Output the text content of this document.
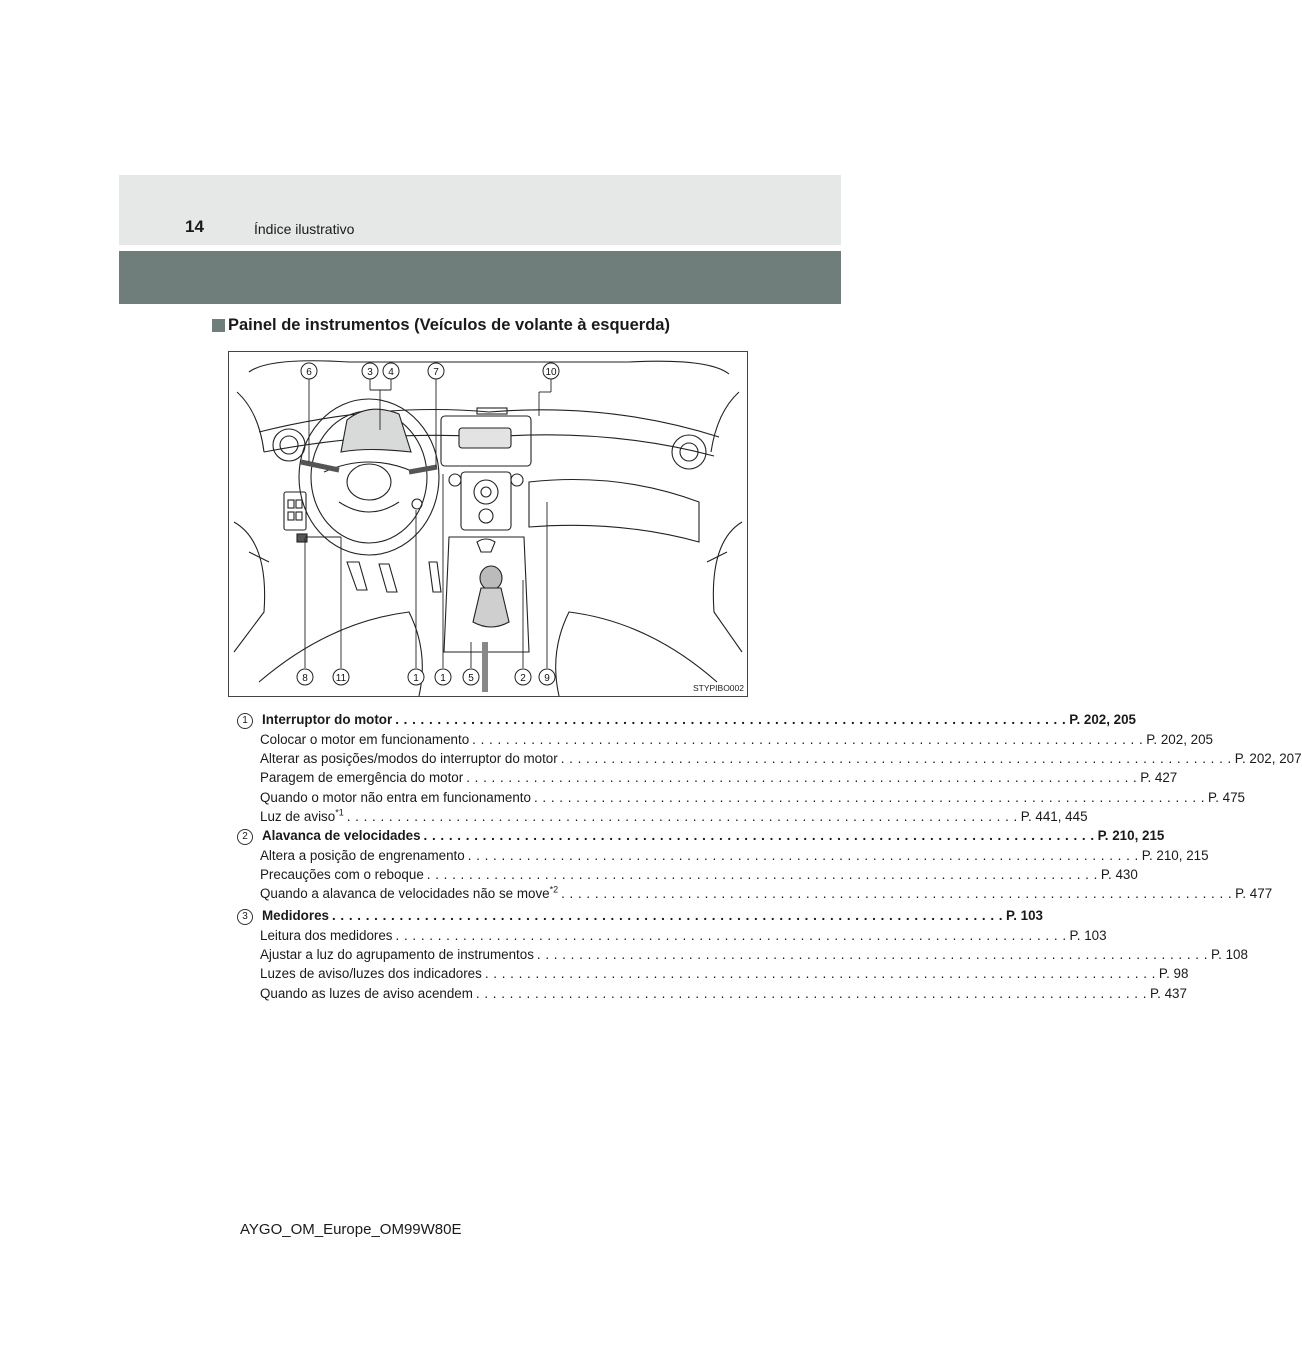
14	Índice ilustrativo
Painel de instrumentos (Veículos de volante à esquerda)
6	3 4	7	10
8	11	1 1 5	2 9
STYPIBO002
1	Interruptor do motor . . . . . . . . . . . . . . . . . . . . . . . . . . . . . . . . . . . . . . . . . . . . . . . . . . . . . . . . . . . . . . . . . . . . . . . . . . . . . . . . P. 202, 205
Colocar o motor em funcionamento . . . . . . . . . . . . . . . . . . . . . . . . . . . . . . . . . . . . . . . . . . . . . . . . . . . . . . . . . . . . . . . . . . . . . . . . . . . . . . . . P. 202, 205
Alterar as posições/modos do interruptor do motor . . . . . . . . . . . . . . . . . . . . . . . . . . . . . . . . . . . . . . . . . . . . . . . . . . . . . . . . . . . . . . . . . . . . . . . . . . . . . . . . P. 202, 207
Paragem de emergência do motor . . . . . . . . . . . . . . . . . . . . . . . . . . . . . . . . . . . . . . . . . . . . . . . . . . . . . . . . . . . . . . . . . . . . . . . . . . . . . . . . P. 427
Quando o motor não entra em funcionamento . . . . . . . . . . . . . . . . . . . . . . . . . . . . . . . . . . . . . . . . . . . . . . . . . . . . . . . . . . . . . . . . . . . . . . . . . . . . . . . . P. 475
Luz de aviso$^{*1}$ . . . . . . . . . . . . . . . . . . . . . . . . . . . . . . . . . . . . . . . . . . . . . . . . . . . . . . . . . . . . . . . . . . . . . . . . . . . . . . . . P. 441, 445
2	Alavanca de velocidades . . . . . . . . . . . . . . . . . . . . . . . . . . . . . . . . . . . . . . . . . . . . . . . . . . . . . . . . . . . . . . . . . . . . . . . . . . . . . . . . P. 210, 215
Altera a posição de engrenamento . . . . . . . . . . . . . . . . . . . . . . . . . . . . . . . . . . . . . . . . . . . . . . . . . . . . . . . . . . . . . . . . . . . . . . . . . . . . . . . . P. 210, 215
Precauções com o reboque . . . . . . . . . . . . . . . . . . . . . . . . . . . . . . . . . . . . . . . . . . . . . . . . . . . . . . . . . . . . . . . . . . . . . . . . . . . . . . . . P. 430
Quando a alavanca de velocidades não se move$^{*2}$ . . . . . . . . . . . . . . . . . . . . . . . . . . . . . . . . . . . . . . . . . . . . . . . . . . . . . . . . . . . . . . . . . . . . . . . . . . . . . . . . P. 477
3	Medidores . . . . . . . . . . . . . . . . . . . . . . . . . . . . . . . . . . . . . . . . . . . . . . . . . . . . . . . . . . . . . . . . . . . . . . . . . . . . . . . . P. 103
Leitura dos medidores . . . . . . . . . . . . . . . . . . . . . . . . . . . . . . . . . . . . . . . . . . . . . . . . . . . . . . . . . . . . . . . . . . . . . . . . . . . . . . . . P. 103
Ajustar a luz do agrupamento de instrumentos . . . . . . . . . . . . . . . . . . . . . . . . . . . . . . . . . . . . . . . . . . . . . . . . . . . . . . . . . . . . . . . . . . . . . . . . . . . . . . . . P. 108
Luzes de aviso/luzes dos indicadores . . . . . . . . . . . . . . . . . . . . . . . . . . . . . . . . . . . . . . . . . . . . . . . . . . . . . . . . . . . . . . . . . . . . . . . . . . . . . . . . P. 98
Quando as luzes de aviso acendem . . . . . . . . . . . . . . . . . . . . . . . . . . . . . . . . . . . . . . . . . . . . . . . . . . . . . . . . . . . . . . . . . . . . . . . . . . . . . . . . P. 437
AYGO_OM_Europe_OM99W80E
